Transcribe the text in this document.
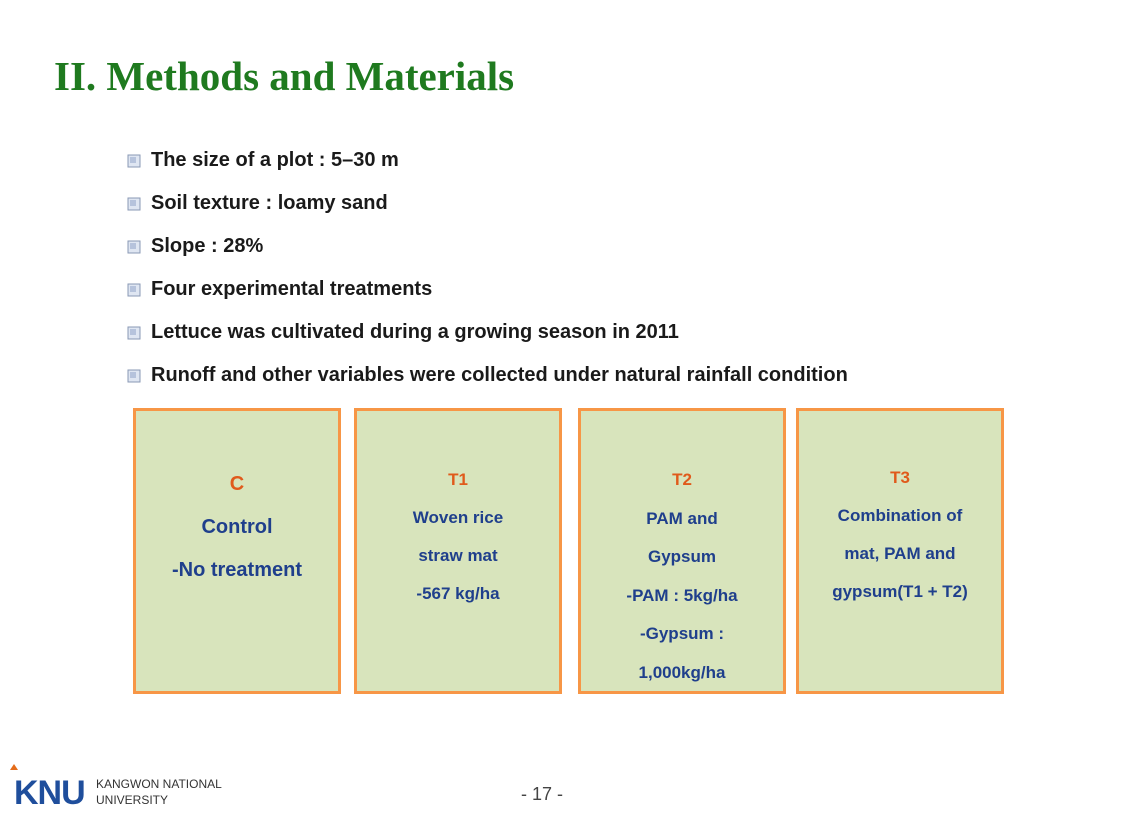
II. Methods and Materials
The size of a plot : 5–30 m
Soil texture : loamy sand
Slope : 28%
Four experimental treatments
Lettuce was cultivated during a growing season in 2011
Runoff and other variables were collected under natural rainfall condition
C
Control
-No treatment
T1
Woven rice
straw mat
-567 kg/ha
T2
PAM and
Gypsum
-PAM : 5kg/ha
-Gypsum :
1,000kg/ha
T3
Combination of
mat, PAM and
gypsum(T1 + T2)
KNU KANGWON NATIONAL
UNIVERSITY	- 17 -
